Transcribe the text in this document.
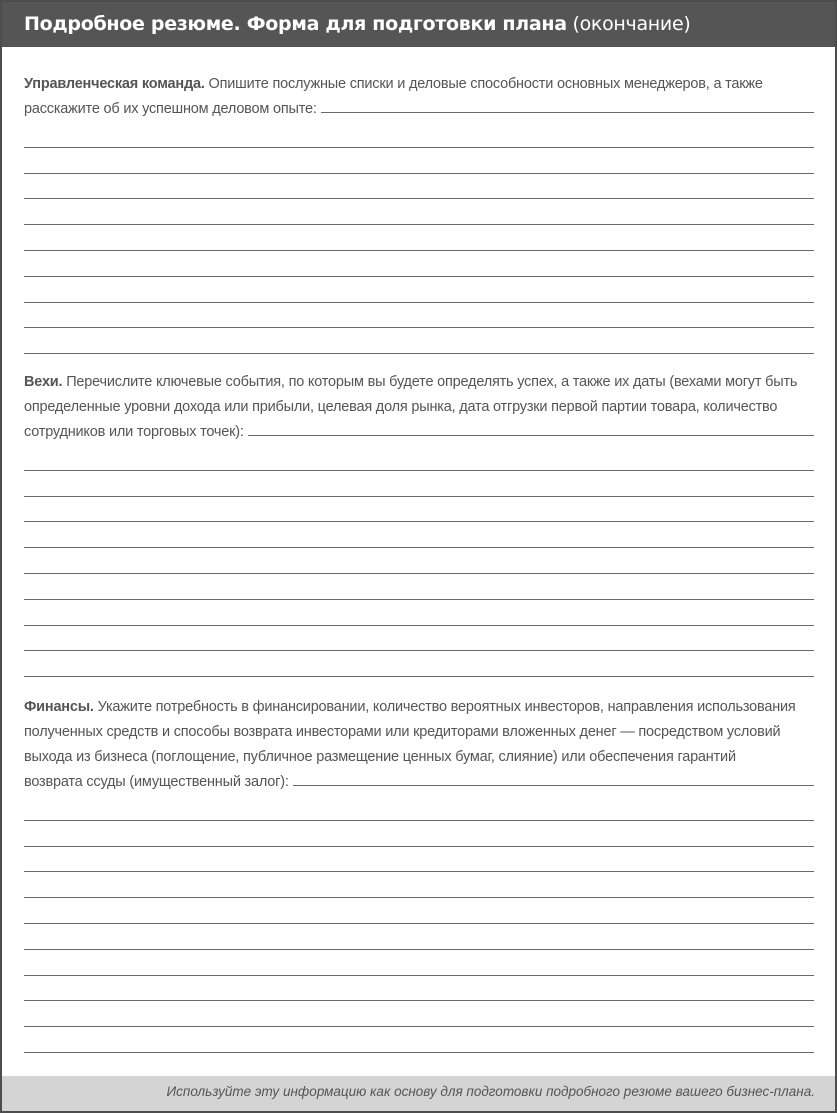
Подробное резюме. Форма для подготовки плана (окончание)
Управленческая команда. Опишите послужные списки и деловые способности основных менеджеров, а также
расскажите об их успешном деловом опыте:
Вехи. Перечислите ключевые события, по которым вы будете определять успех, а также их даты (вехами могут быть
определенные уровни дохода или прибыли, целевая доля рынка, дата отгрузки первой партии товара, количество
сотрудников или торговых точек):
Финансы. Укажите потребность в финансировании, количество вероятных инвесторов, направления использования
полученных средств и способы возврата инвесторами или кредиторами вложенных денег — посредством условий
выхода из бизнеса (поглощение, публичное размещение ценных бумаг, слияние) или обеспечения гарантий
возврата ссуды (имущественный залог):
Используйте эту информацию как основу для подготовки подробного резюме вашего бизнес-плана.
